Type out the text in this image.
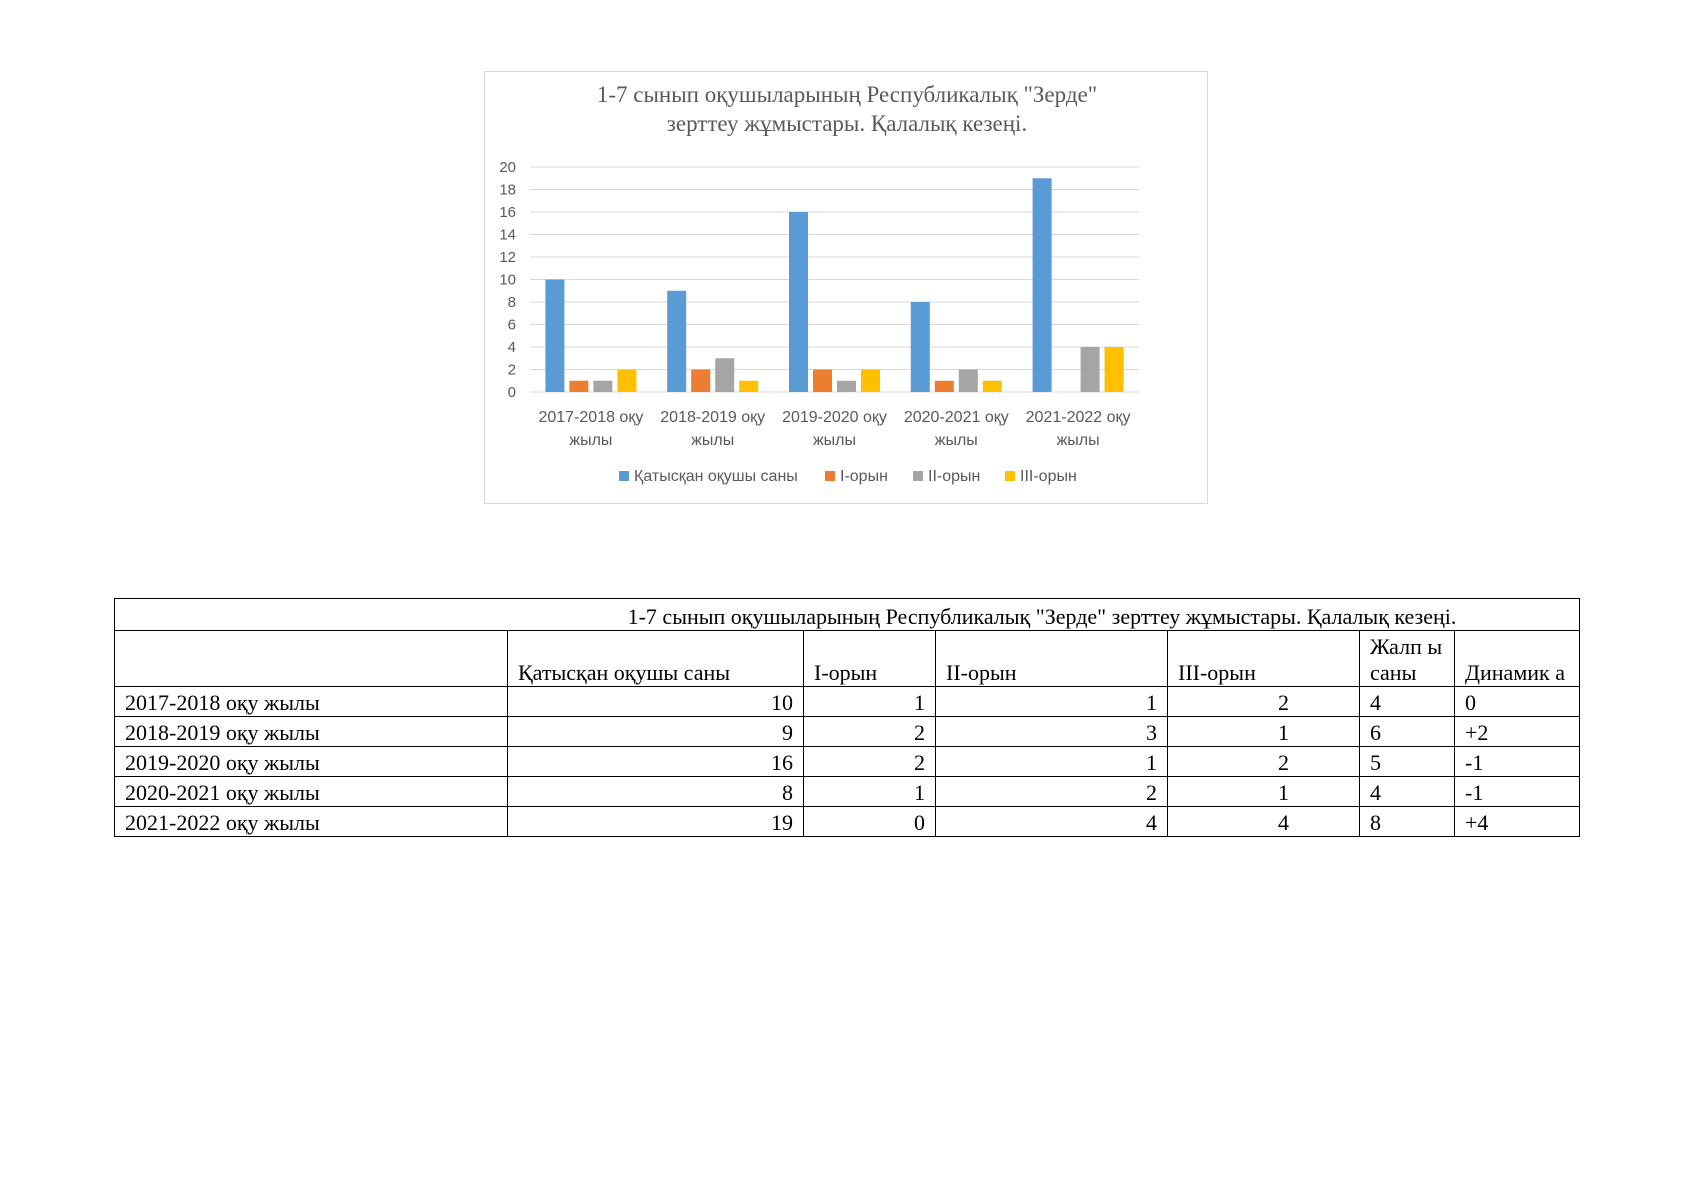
1-7 сынып оқушыларының Республикалық "Зерде"
зерттеу жұмыстары. Қалалық кезеңі.
0
2
4
6
8
10
12
14
16
18
20
2017-2018 оқу
жылы
2018-2019 оқу
жылы
2019-2020 оқу
жылы
2020-2021 оқу
жылы
2021-2022 оқу
жылы
Қатысқан оқушы саны	I-орын	II-орын III-орын
1-7 сынып оқушыларының Республикалық "Зерде" зерттеу жұмыстары. Қалалық кезеңі.						
	Қатысқан оқушы саны	I-орын	II-орын	III-орын	Жалп ы саны	Динамик а
2017-2018 оқу жылы	10	1	1	2	4	0
2018-2019 оқу жылы	9	2	3	1	6	+2
2019-2020 оқу жылы	16	2	1	2	5	-1
2020-2021 оқу жылы	8	1	2	1	4	-1
2021-2022 оқу жылы	19	0	4	4	8	+4
